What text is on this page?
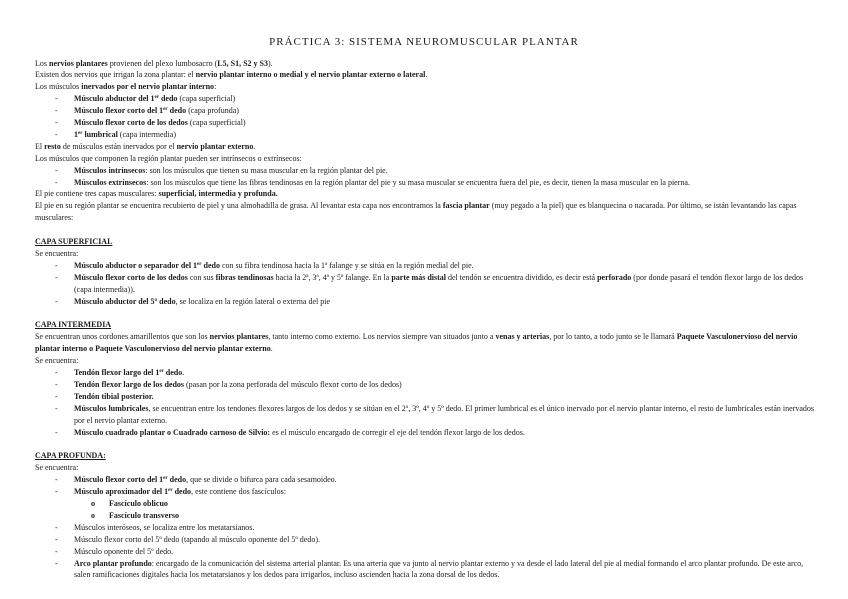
PRÁCTICA 3: SISTEMA NEUROMUSCULAR PLANTAR

Los nervios plantares provienen del plexo lumbosacro (L5, S1, S2 y S3).

Existen dos nervios que irrigan la zona plantar: el nervio plantar interno o medial y el nervio plantar externo o lateral.

Los músculos inervados por el nervio plantar interno:

- Músculo abductor del 1er dedo (capa superficial)
- Músculo flexor corto del 1er dedo (capa profunda)
- Músculo flexor corto de los dedos (capa superficial)
- 1er lumbrical (capa intermedia)

El resto de músculos están inervados por el nervio plantar externo.

Los músculos que componen la región plantar pueden ser intrínsecos o extrínsecos:

- Músculos intrínsecos: son los músculos que tienen su masa muscular en la región plantar del pie.
- Músculos extrínsecos: son los músculos que tiene las fibras tendinosas en la región plantar del pie y su masa muscular se encuentra fuera del pie, es decir, tienen la masa muscular en la pierna.

El pie contiene tres capas musculares: superficial, intermedia y profunda.

El pie en su región plantar se encuentra recubierto de piel y una almohadilla de grasa. Al levantar esta capa nos encontramos la fascia plantar (muy pegado a la piel) que es blanquecina o nacarada. Por último, se istán levantando las capas musculares:

CAPA SUPERFICIAL

Se encuentra:

- Músculo abductor o separador del 1er dedo con su fibra tendinosa hacia la 1ª falange y se sitúa en la región medial del pie.
- Músculo flexor corto de los dedos con sus fibras tendinosas hacia la 2ª, 3ª, 4ª y 5ª falange. En la parte más distal del tendón se encuentra dividido, es decir está perforado (por donde pasará el tendón flexor largo de los dedos (capa intermedia)).
- Músculo abductor del 5º dedo, se localiza en la región lateral o externa del pie

CAPA INTERMEDIA

Se encuentran unos cordones amarillentos que son los nervios plantares, tanto interno como externo. Los nervios siempre van situados junto a venas y arterias, por lo tanto, a todo junto se le llamará Paquete Vasculonervioso del nervio plantar interno o Paquete Vasculonervioso del nervio plantar externo.

Se encuentra:

- Tendón flexor largo del 1er dedo.
- Tendón flexor largo de los dedos (pasan por la zona perforada del músculo flexor corto de los dedos)
- Tendón tibial posterior.
- Músculos lumbricales, se encuentran entre los tendones flexores largos de los dedos y se sitúan en el 2º, 3º, 4º y 5º dedo. El primer lumbrical es el único inervado por el nervio plantar interno, el resto de lumbricales están inervados por el nervio plantar externo.
- Músculo cuadrado plantar o Cuadrado carnoso de Silvio: es el músculo encargado de corregir el eje del tendón flexor largo de los dedos.

CAPA PROFUNDA:

Se encuentra:

- Músculo flexor corto del 1er dedo, que se divide o bifurca para cada sesamoideo.
- Músculo aproximador del 1er dedo, este contiene dos fascículos:
o Fascículo oblicuo
o Fascículo transverso
- Músculos interóseos, se localiza entre los metatarsianos.
- Músculo flexor corto del 5º dedo (tapando al músculo oponente del 5º dedo).
- Músculo oponente del 5º dedo.
- Arco plantar profundo: encargado de la comunicación del sistema arterial plantar. Es una arteria que va junto al nervio plantar externo y va desde el lado lateral del pie al medial formando el arco plantar profundo. De este arco, salen ramificaciones digitales hacia los metatarsianos y los dedos para irrigarlos, incluso ascienden hacia la zona dorsal de los dedos.
